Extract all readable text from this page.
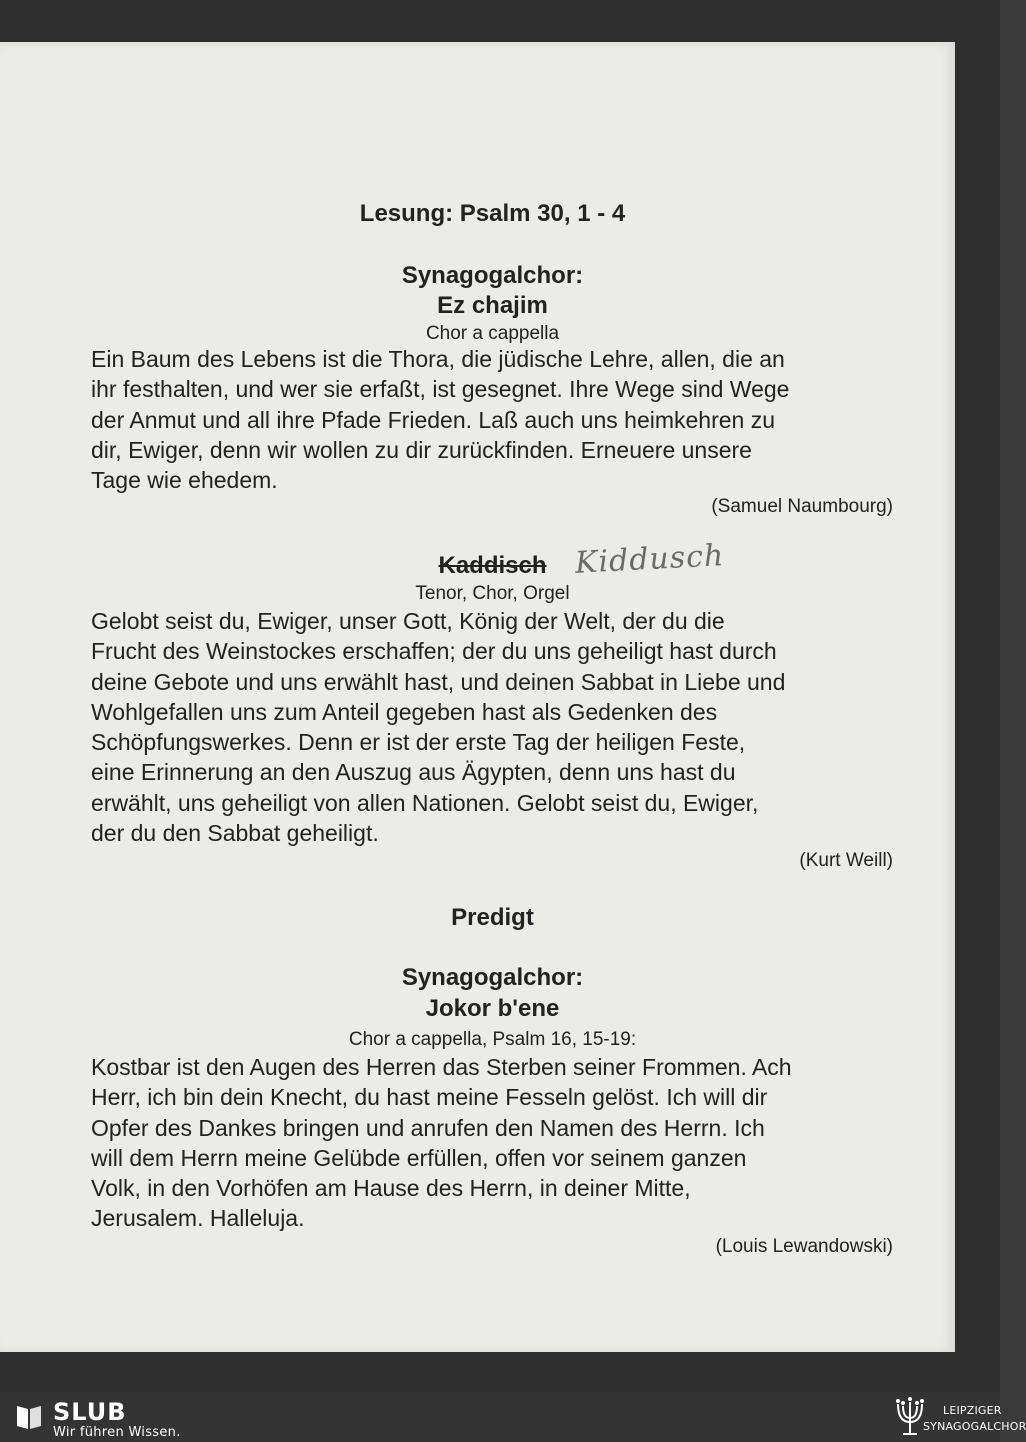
Lesung: Psalm 30, 1 - 4
Synagogalchor:
Ez chajim
Chor a cappella
Ein Baum des Lebens ist die Thora, die jüdische Lehre, allen, die an
ihr festhalten, und wer sie erfaßt, ist gesegnet. Ihre Wege sind Wege
der Anmut und all ihre Pfade Frieden. Laß auch uns heimkehren zu
dir, Ewiger, denn wir wollen zu dir zurückfinden. Erneuere unsere
Tage wie ehedem.
(Samuel Naumbourg)
Kaddisch Kiddusch
Tenor, Chor, Orgel
Gelobt seist du, Ewiger, unser Gott, König der Welt, der du die
Frucht des Weinstockes erschaffen; der du uns geheiligt hast durch
deine Gebote und uns erwählt hast, und deinen Sabbat in Liebe und
Wohlgefallen uns zum Anteil gegeben hast als Gedenken des
Schöpfungswerkes. Denn er ist der erste Tag der heiligen Feste,
eine Erinnerung an den Auszug aus Ägypten, denn uns hast du
erwählt, uns geheiligt von allen Nationen. Gelobt seist du, Ewiger,
der du den Sabbat geheiligt.
(Kurt Weill)
Predigt
Synagogalchor:
Jokor b'ene
Chor a cappella, Psalm 16, 15-19:
Kostbar ist den Augen des Herren das Sterben seiner Frommen. Ach
Herr, ich bin dein Knecht, du hast meine Fesseln gelöst. Ich will dir
Opfer des Dankes bringen und anrufen den Namen des Herrn. Ich
will dem Herrn meine Gelübde erfüllen, offen vor seinem ganzen
Volk, in den Vorhöfen am Hause des Herrn, in deiner Mitte,
Jerusalem. Halleluja.
(Louis Lewandowski)
SLUB
Wir führen Wissen.
LEIPZIGER
SYNAGOGALCHOR
